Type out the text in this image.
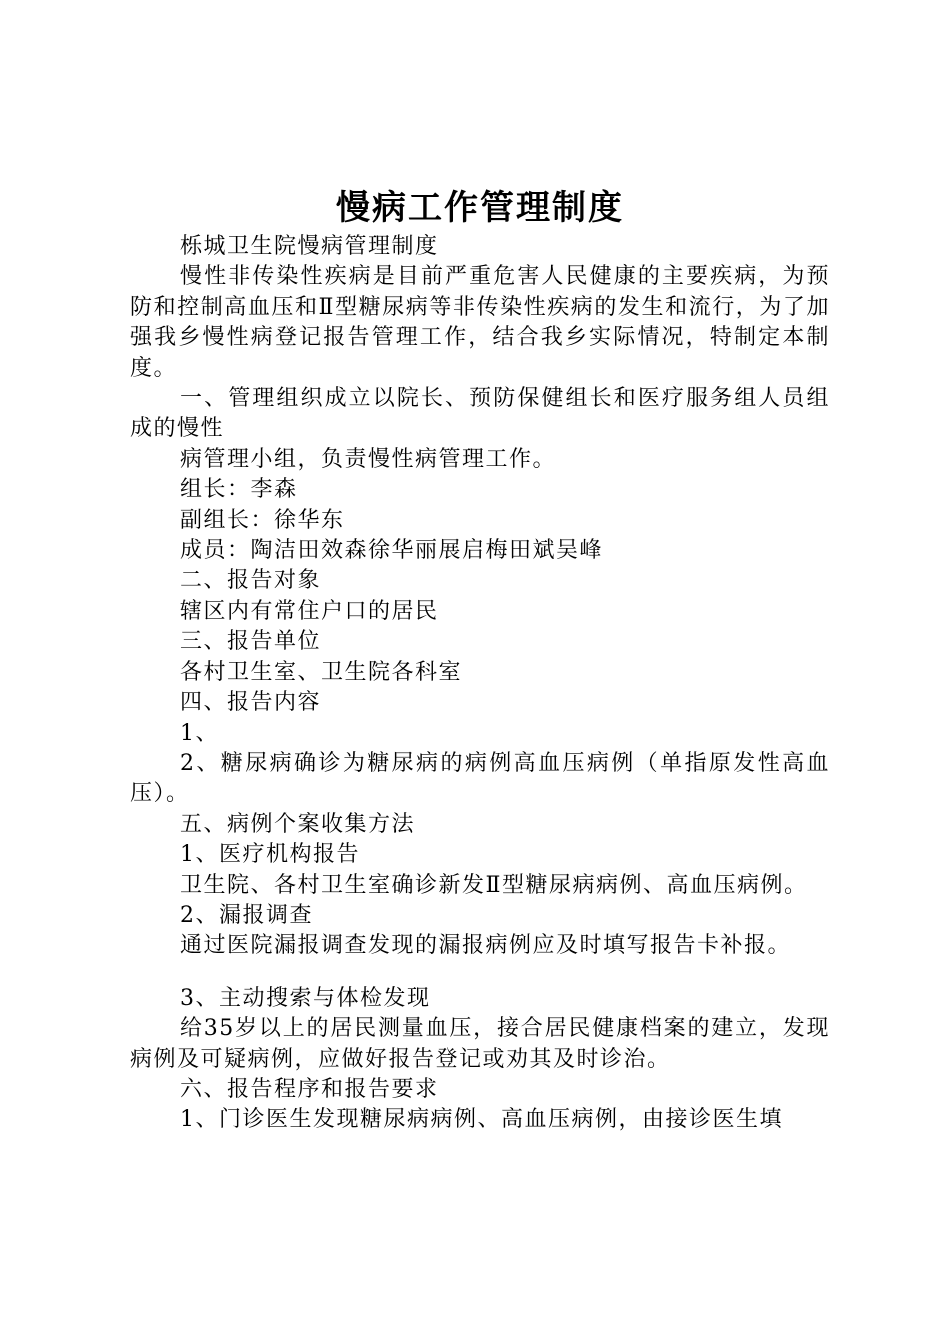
慢病工作管理制度

栎城卫生院慢病管理制度

慢性非传染性疾病是目前严重危害人民健康的主要疾病，为预防和控制高血压和Ⅱ型糖尿病等非传染性疾病的发生和流行，为了加强我乡慢性病登记报告管理工作，结合我乡实际情况，特制定本制度。

一、管理组织成立以院长、预防保健组长和医疗服务组人员组成的慢性

病管理小组，负责慢性病管理工作。

组长：李森

副组长：徐华东

成员：陶洁田效森徐华丽展启梅田斌吴峰

二、报告对象

辖区内有常住户口的居民

三、报告单位

各村卫生室、卫生院各科室

四、报告内容

1、

2、糖尿病确诊为糖尿病的病例高血压病例（单指原发性高血压）。

五、病例个案收集方法

1、医疗机构报告

卫生院、各村卫生室确诊新发Ⅱ型糖尿病病例、高血压病例。

2、漏报调查

通过医院漏报调查发现的漏报病例应及时填写报告卡补报。

3、主动搜索与体检发现

给35岁以上的居民测量血压，接合居民健康档案的建立，发现病例及可疑病例，应做好报告登记或劝其及时诊治。

六、报告程序和报告要求

1、门诊医生发现糖尿病病例、高血压病例，由接诊医生填
